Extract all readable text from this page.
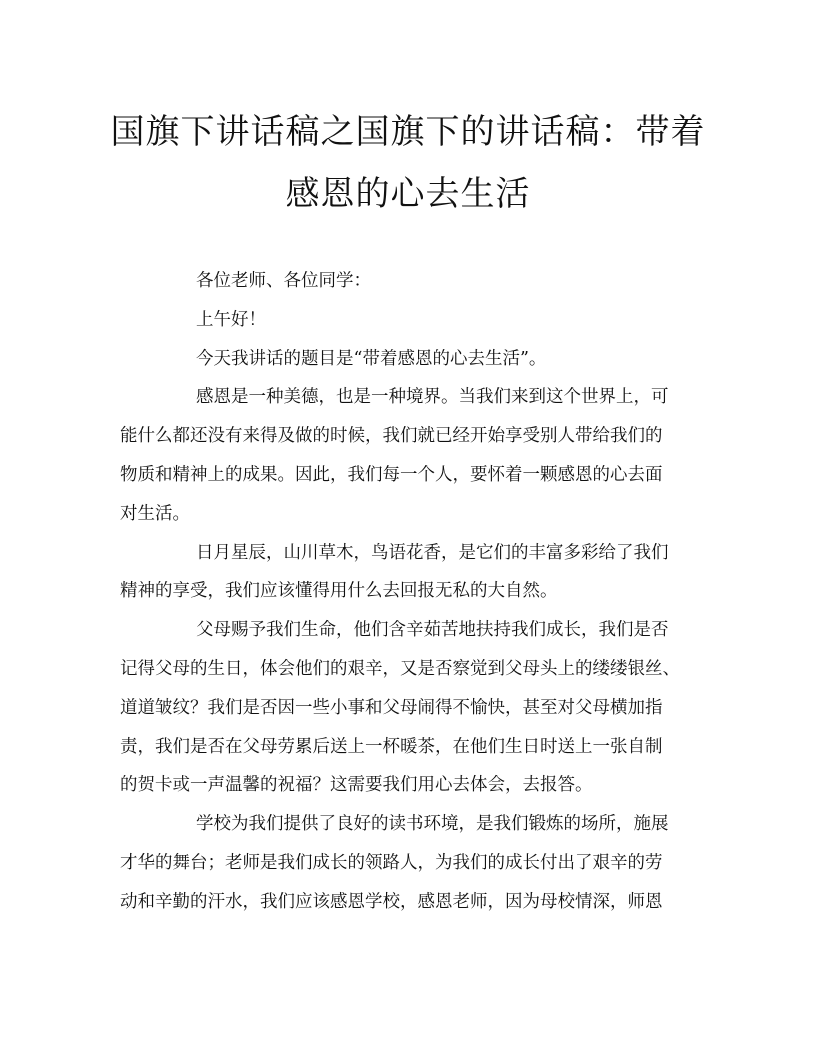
国旗下讲话稿之国旗下的讲话稿：带着
感恩的心去生活
各位老师、各位同学：
上午好！
今天我讲话的题目是“带着感恩的心去生活”。
感恩是一种美德，也是一种境界。当我们来到这个世界上，可
能什么都还没有来得及做的时候，我们就已经开始享受别人带给我们的
物质和精神上的成果。因此，我们每一个人，要怀着一颗感恩的心去面
对生活。
日月星辰，山川草木，鸟语花香，是它们的丰富多彩给了我们
精神的享受，我们应该懂得用什么去回报无私的大自然。
父母赐予我们生命，他们含辛茹苦地扶持我们成长，我们是否
记得父母的生日，体会他们的艰辛，又是否察觉到父母头上的缕缕银丝、
道道皱纹？我们是否因一些小事和父母闹得不愉快，甚至对父母横加指
责，我们是否在父母劳累后送上一杯暖茶，在他们生日时送上一张自制
的贺卡或一声温馨的祝福？这需要我们用心去体会，去报答。
学校为我们提供了良好的读书环境，是我们锻炼的场所，施展
才华的舞台；老师是我们成长的领路人，为我们的成长付出了艰辛的劳
动和辛勤的汗水，我们应该感恩学校，感恩老师，因为母校情深，师恩
